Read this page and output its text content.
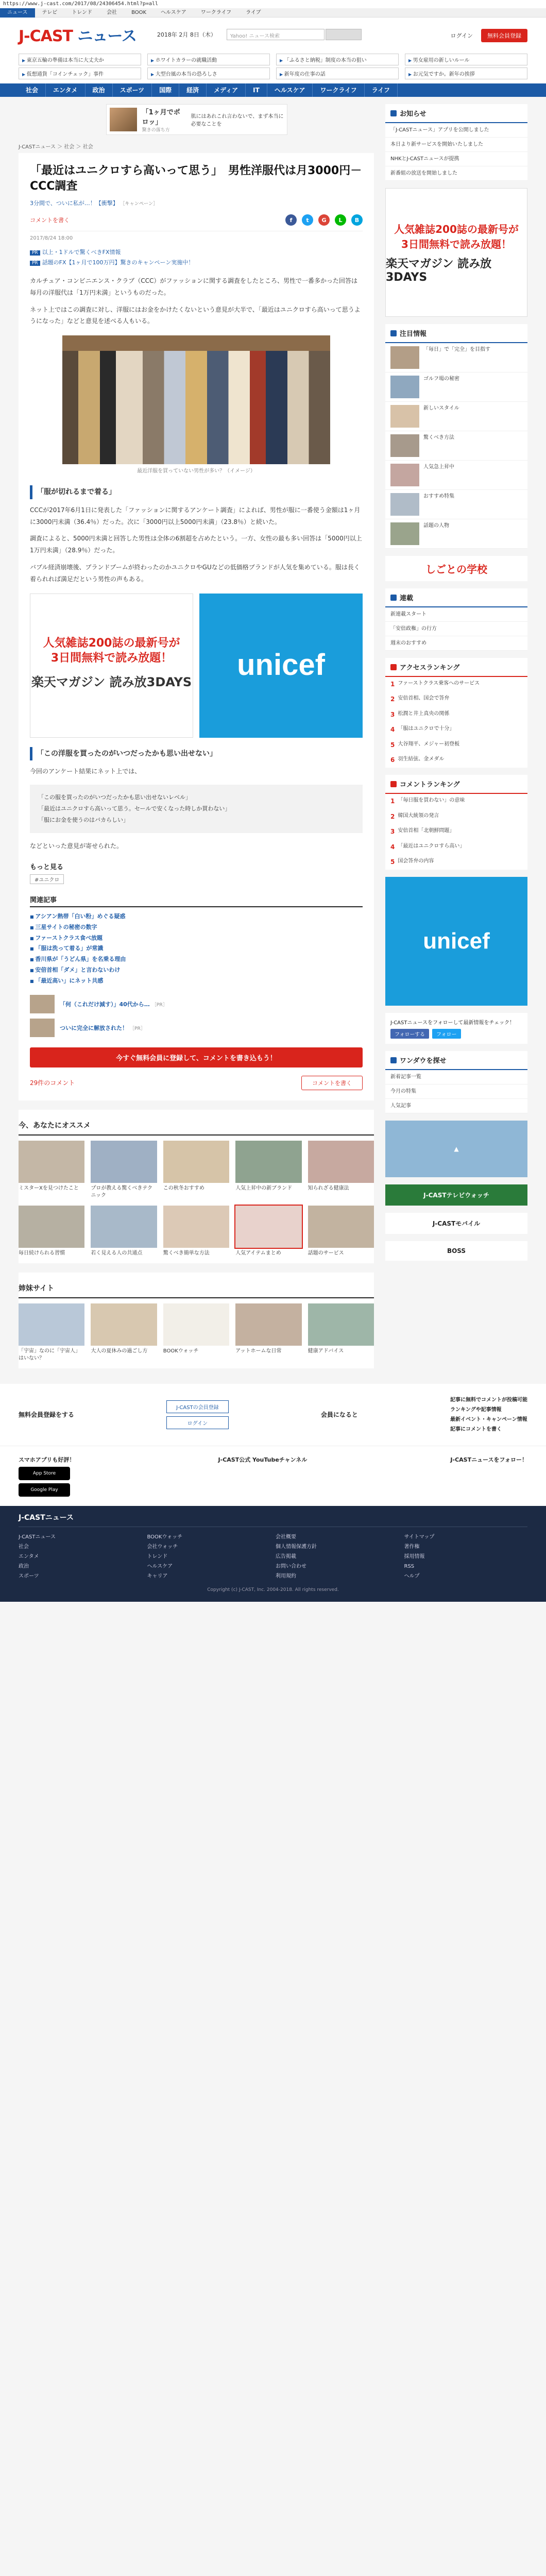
https://www.j-cast.com/2017/08/24306454.html?p=all
ニュース	テレビ	トレンド	会社	BOOK	ヘルスケア	ワークライフ	ライブ
J-CAST ニュース	2018年 2月 8日（木）	Yahoo! ニュース検索	ログイン	無料会員登録
▶ 東京五輪の準備は本当に大丈夫か	▶ ホワイトカラーの就職活動	▶ 「ふるさと納税」制度の本当の狙い	▶ 男女雇用の新しいルール
▶ 仮想通貨「コインチェック」事件	▶ 大型台風の本当の恐ろしさ	▶ 新年度の仕事の話	▶ お元気ですか。新年の挨拶
社会	エンタメ	政治	スポーツ	国際	経済	メディア	IT	ヘルスケア	ワークライフ	ライフ
「1ヶ月でポロッ」
驚きの落ち方
肌にはあれこれ言わないで、まず本当に必要なことを
J-CASTニュース ＞ 社会 ＞ 社会
「最近はユニクロすら高いって思う」　男性洋服代は月3000円－CCC調査
3分間で、ついに私が…！【衝撃】 ［キャンペーン］
コメントを書く	f	t	G	L	B
2017/8/24 18:00
PR 以上・1ドルで驚くべきFX情報
PR 話題のFX【1ヶ月で100万円】驚きのキャンペーン実施中！

カルチュア・コンビニエンス・クラブ（CCC）がファッションに関する調査をしたところ、男性で一番多かった回答は毎月の洋服代は「1万円未満」というものだった。

ネット上ではこの調査に対し、洋服にはお金をかけたくないという意見が大半で、「最近はユニクロすら高いって思うようになった」などと意見を述べる人もいる。

最近洋服を買っていない男性が多い？（イメージ）
「服が切れるまで着る」

CCCが2017年6月1日に発表した「ファッションに関するアンケート調査」によれば、男性が服に一番使う金額は1ヶ月に3000円未満（36.4％）だった。次に「3000円以上5000円未満」（23.8％）と続いた。

調査によると、5000円未満と回答した男性は全体の6割超を占めたという。一方、女性の最も多い回答は「5000円以上1万円未満」（28.9％）だった。

バブル経済崩壊後、ブランドブームが終わったのかユニクロやGUなどの低価格ブランドが人気を集めている。服は長く着られれば満足だという男性の声もある。

人気雑誌200誌の最新号が
3日間無料で読み放題！
楽天マガジン 読み放3DAYS
unicef
「この洋服を買ったのがいつだったかも思い出せない」

今回のアンケート結果にネット上では、

「この服を買ったのがいつだったかも思い出せないレベル」
「最近はユニクロすら高いって思う。セールで安くなった時しか買わない」
「服にお金を使うのはバカらしい」

などといった意見が寄せられた。

もっと見る
#ユニクロ
関連記事
■ アシアン熱帯「白い粉」めぐる疑惑
■ 三星サイトの秘密の数字
■ ファーストクラス食べ放題
■ 「服は洗って着る」が常識
■ 香川県が「うどん県」を名乗る理由
■ 安倍首相「ダメ」と言わないわけ
■ 「最近高い」にネット共感
「何（これだけ減す）」40代から… ［PR］
ついに完全に解放された！ ［PR］
今すぐ無料会員に登録して、コメントを書き込もう！
29件のコメント	コメントを書く
今、あなたにオススメ
ミスターXを見つけたこと	プロが教える驚くべきテクニック
この秋冬おすすめ	人気上昇中の新ブランド	知られざる健康法
毎日続けられる習慣	若く見える人の共通点	驚くべき簡単な方法	人気アイテムまとめ	話題のサービス
姉妹サイト
「宇宙」なのに「宇宙人」はいない？
大人の夏休みの過ごし方	BOOKウォッチ	アットホームな日常	健康アドバイス
お知らせ
「J-CASTニュース」アプリを公開しました
本日より新サービスを開始いたしました
NHKとJ-CASTニュースが提携
新番組の放送を開始しました
人気雑誌200誌の最新号が
3日間無料で読み放題！
楽天マガジン 読み放3DAYS
注目情報
「毎日」で「完全」を目指す
ゴルフ場の秘密
新しいスタイル
驚くべき方法
人気急上昇中
おすすめ特集
話題の人物
しごとの学校
連載
新連載スタート
「安倍政権」の行方
週末のおすすめ
アクセスランキング
1 ファーストクラス乗客へのサービス
2 安倍首相、国会で答弁
3 松潤と井上真央の関係
4 「服はユニクロで十分」
5 大谷翔平、メジャー初登板
6 羽生結弦、金メダル
コメントランキング
1 「毎日服を買わない」の意味
2 韓国大統領の発言
3 安倍首相「北朝鮮問題」
4 「最近はユニクロすら高い」
5 国会答弁の内容
unicef
J-CASTニュースをフォローして最新情報をチェック！
フォローする	フォロー
ワンダウを探せ
新着記事一覧
今月の特集
人気記事
▲
J-CASTテレビウォッチ
J-CASTモバイル
BOSS
無料会員登録をする
J-CASTの会員登録
ログイン
会員になると
記事に無料でコメントが投稿可能
ランキングや記事情報
最新イベント・キャンペーン情報
記事にコメントを書く
スマホアプリも好評！
App Store
Google Play
J-CAST公式 YouTubeチャンネル	J-CASTニュースをフォロー！
J-CASTニュース
J-CASTニュース
社会
エンタメ
政治
スポーツ
BOOKウォッチ
会社ウォッチ
トレンド
ヘルスケア
キャリア
会社概要
個人情報保護方針
広告掲載
お問い合わせ
利用規約
サイトマップ
著作権
採用情報
RSS
ヘルプ
Copyright (c) J-CAST, Inc. 2004-2018. All rights reserved.
